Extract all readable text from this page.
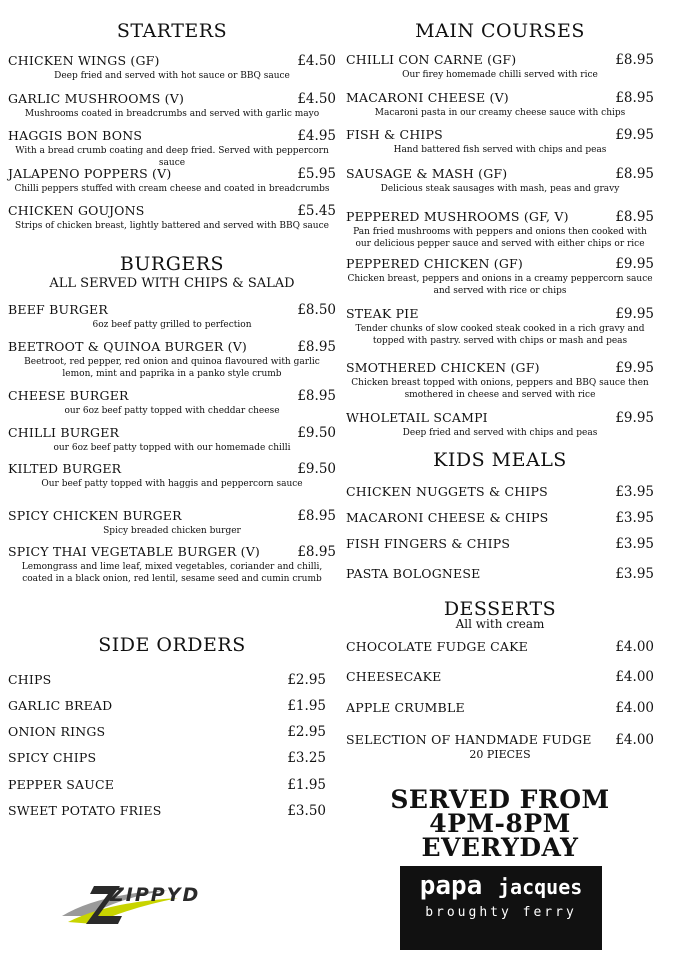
STARTERS
CHICKEN WINGS (GF)	£4.50
Deep fried and served with hot sauce or BBQ sauce
GARLIC MUSHROOMS (V)	£4.50
Mushrooms coated in breadcrumbs and served with garlic mayo
HAGGIS BON BONS	£4.95
With a bread crumb coating and deep fried. Served with peppercorn sauce
JALAPENO POPPERS (V)	£5.95
Chilli peppers stuffed with cream cheese and coated in breadcrumbs
CHICKEN GOUJONS	£5.45
Strips of chicken breast, lightly battered and served with BBQ sauce
BURGERS
ALL SERVED WITH CHIPS & SALAD
BEEF BURGER	£8.50
6oz beef patty grilled to perfection
BEETROOT & QUINOA BURGER (V)	£8.95
Beetroot, red pepper, red onion and quinoa flavoured with garlic lemon, mint and paprika in a panko style crumb
CHEESE BURGER	£8.95
our 6oz beef patty topped with cheddar cheese
CHILLI BURGER	£9.50
our 6oz beef patty topped with our homemade chilli
KILTED BURGER	£9.50
Our beef patty topped with haggis and peppercorn sauce
SPICY CHICKEN BURGER	£8.95
Spicy breaded chicken burger
SPICY THAI VEGETABLE BURGER (V)	£8.95
Lemongrass and lime leaf, mixed vegetables, coriander and chilli, coated in a black onion, red lentil, sesame seed and cumin crumb
SIDE ORDERS
CHIPS	£2.95
GARLIC BREAD	£1.95
ONION RINGS	£2.95
SPICY CHIPS	£3.25
PEPPER SAUCE	£1.95
SWEET POTATO FRIES	£3.50
MAIN COURSES
CHILLI CON CARNE (GF)	£8.95
Our firey homemade chilli served with rice
MACARONI CHEESE (V)	£8.95
Macaroni pasta in our creamy cheese sauce with chips
FISH & CHIPS	£9.95
Hand battered fish served with chips and peas
SAUSAGE & MASH (GF)	£8.95
Delicious steak sausages with mash, peas and gravy
PEPPERED MUSHROOMS (GF, V)	£8.95
Pan fried mushrooms with peppers and onions then cooked with our delicious pepper sauce and served with either chips or rice
PEPPERED CHICKEN (GF)	£9.95
Chicken breast, peppers and onions in a creamy peppercorn sauce and served with rice or chips
STEAK PIE	£9.95
Tender chunks of slow cooked steak cooked in a rich gravy and topped with pastry. served with chips or mash and peas
SMOTHERED CHICKEN (GF)	£9.95
Chicken breast topped with onions, peppers and BBQ sauce then smothered in cheese and served with rice
WHOLETAIL SCAMPI	£9.95
Deep fried and served with chips and peas
KIDS MEALS
CHICKEN NUGGETS & CHIPS	£3.95
MACARONI CHEESE & CHIPS	£3.95
FISH FINGERS & CHIPS	£3.95
PASTA BOLOGNESE	£3.95
DESSERTS
All with cream
CHOCOLATE FUDGE CAKE	£4.00
CHEESECAKE	£4.00
APPLE CRUMBLE	£4.00
SELECTION OF HANDMADE FUDGE £4.00
20 PIECES
SERVED FROM
4PM-8PM
EVERYDAY
ZIPPYD	papa jacques
broughty ferry
